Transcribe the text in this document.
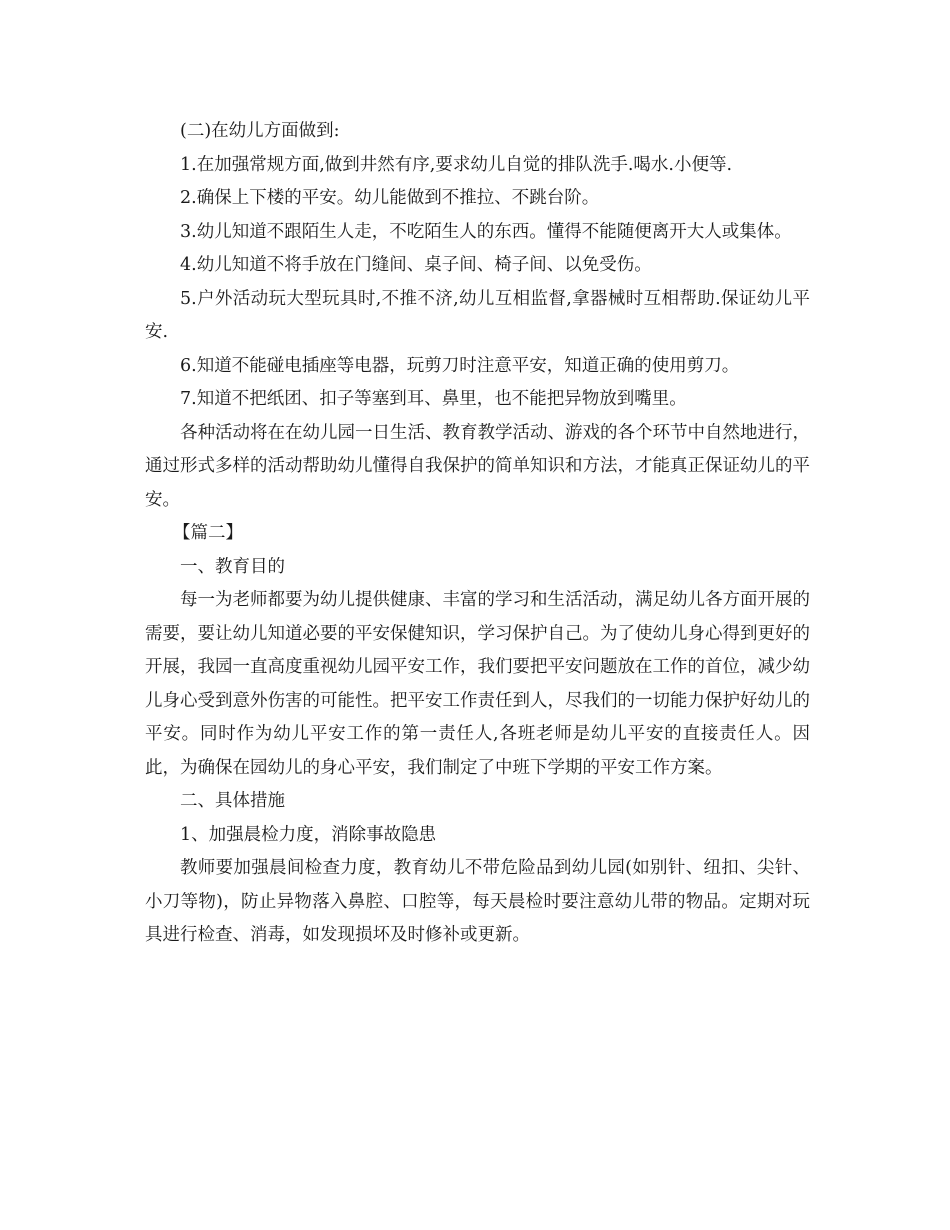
(二)在幼儿方面做到:

1.在加强常规方面,做到井然有序,要求幼儿自觉的排队洗手.喝水.小便等.

2.确保上下楼的平安。幼儿能做到不推拉、不跳台阶。

3.幼儿知道不跟陌生人走，不吃陌生人的东西。懂得不能随便离开大人或集体。

4.幼儿知道不将手放在门缝间、桌子间、椅子间、以免受伤。

5.户外活动玩大型玩具时,不推不济,幼儿互相监督,拿器械时互相帮助.保证幼儿平安.

6.知道不能碰电插座等电器，玩剪刀时注意平安，知道正确的使用剪刀。

7.知道不把纸团、扣子等塞到耳、鼻里，也不能把异物放到嘴里。

各种活动将在在幼儿园一日生活、教育教学活动、游戏的各个环节中自然地进行，通过形式多样的活动帮助幼儿懂得自我保护的简单知识和方法，才能真正保证幼儿的平安。

【篇二】

一、教育目的

每一为老师都要为幼儿提供健康、丰富的学习和生活活动，满足幼儿各方面开展的需要，要让幼儿知道必要的平安保健知识，学习保护自己。为了使幼儿身心得到更好的开展，我园一直高度重视幼儿园平安工作，我们要把平安问题放在工作的首位，减少幼儿身心受到意外伤害的可能性。把平安工作责任到人，尽我们的一切能力保护好幼儿的平安。同时作为幼儿平安工作的第一责任人,各班老师是幼儿平安的直接责任人。因此，为确保在园幼儿的身心平安，我们制定了中班下学期的平安工作方案。

二、具体措施

1、加强晨检力度，消除事故隐患

教师要加强晨间检查力度，教育幼儿不带危险品到幼儿园(如别针、纽扣、尖针、小刀等物)，防止异物落入鼻腔、口腔等，每天晨检时要注意幼儿带的物品。定期对玩具进行检查、消毒，如发现损坏及时修补或更新。
